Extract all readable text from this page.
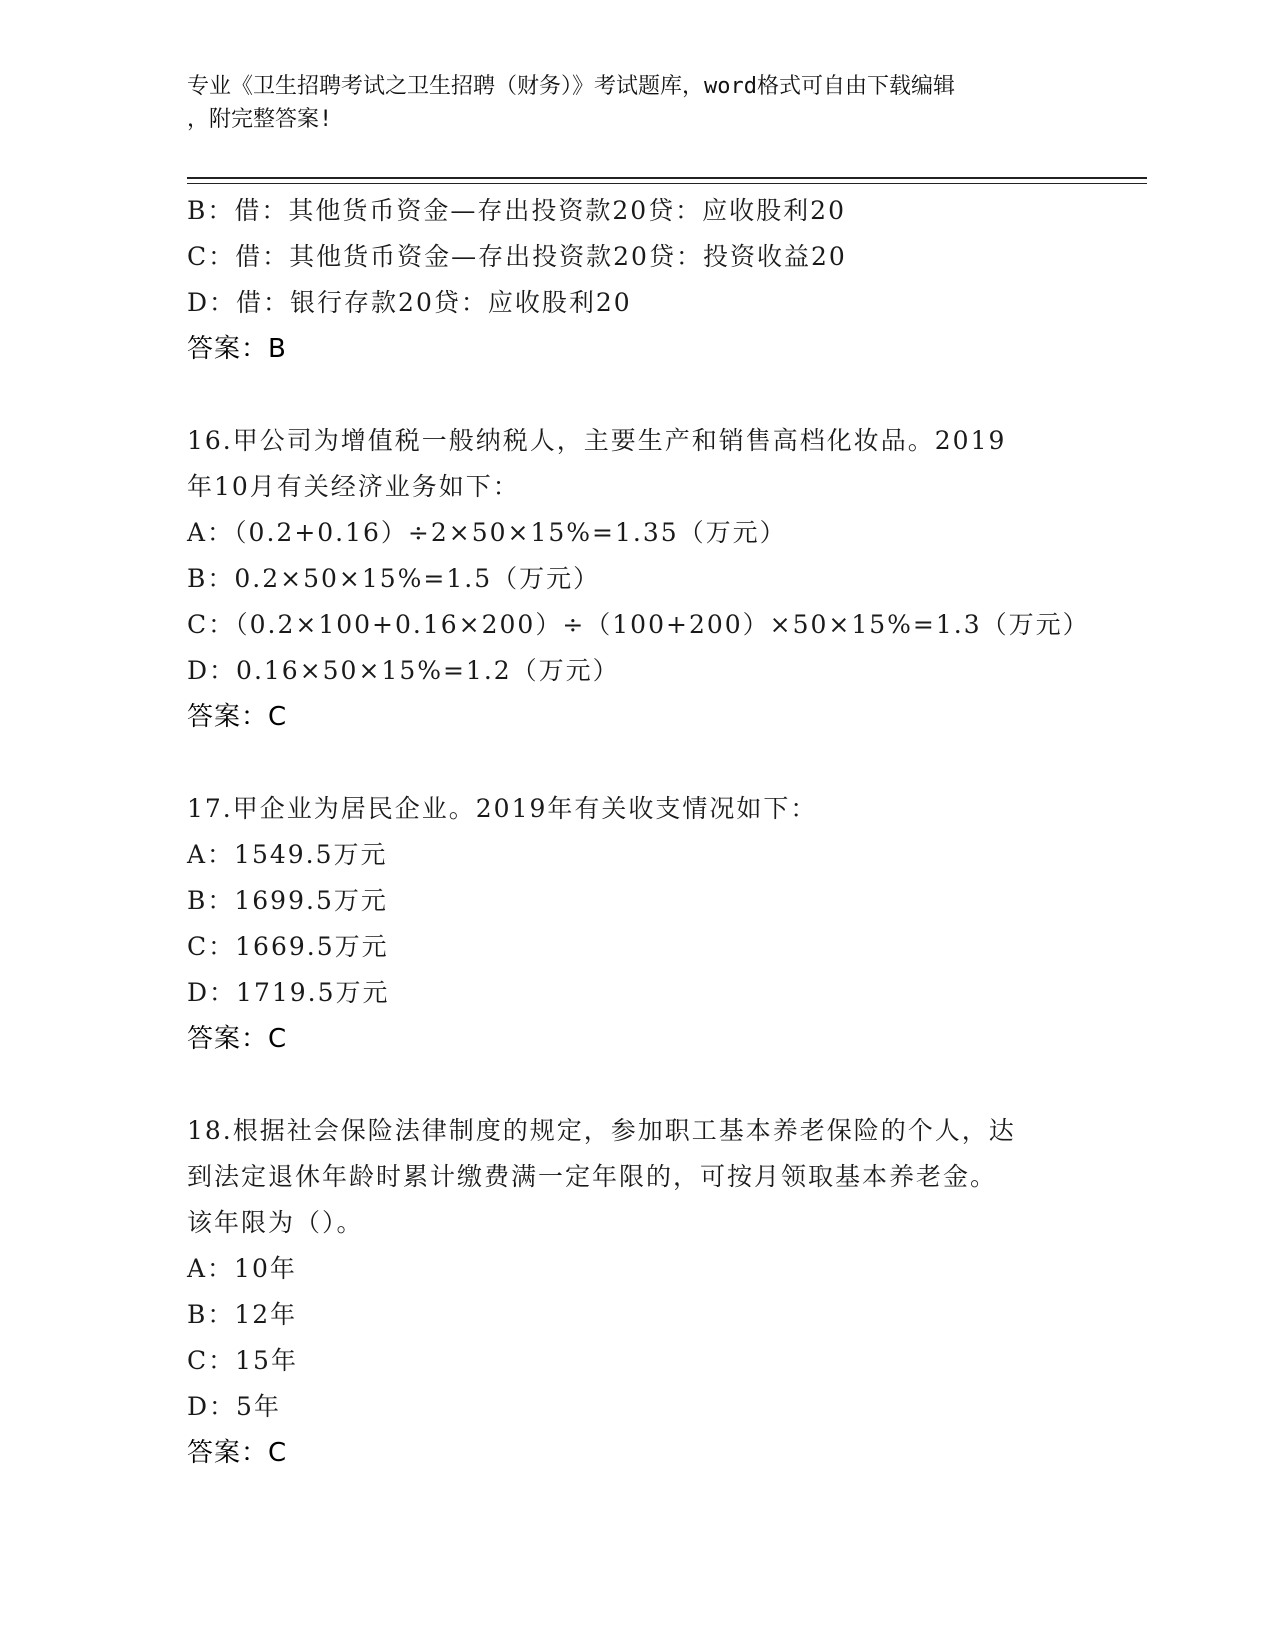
专业《卫生招聘考试之卫生招聘（财务）》考试题库，word格式可自由下载编辑
，附完整答案!
B：借：其他货币资金—存出投资款20贷：应收股利20
C：借：其他货币资金—存出投资款20贷：投资收益20
D：借：银行存款20贷：应收股利20
答案：B
16.甲公司为增值税一般纳税人，主要生产和销售高档化妆品。2019
年10月有关经济业务如下：
A：（0.2+0.16）÷2×50×15%=1.35（万元）
B：0.2×50×15%=1.5（万元）
C：（0.2×100+0.16×200）÷（100+200）×50×15%=1.3（万元）
D：0.16×50×15%=1.2（万元）
答案：C
17.甲企业为居民企业。2019年有关收支情况如下：
A：1549.5万元
B：1699.5万元
C：1669.5万元
D：1719.5万元
答案：C
18.根据社会保险法律制度的规定，参加职工基本养老保险的个人，达
到法定退休年龄时累计缴费满一定年限的，可按月领取基本养老金。
该年限为（）。
A：10年
B：12年
C：15年
D：5年
答案：C
